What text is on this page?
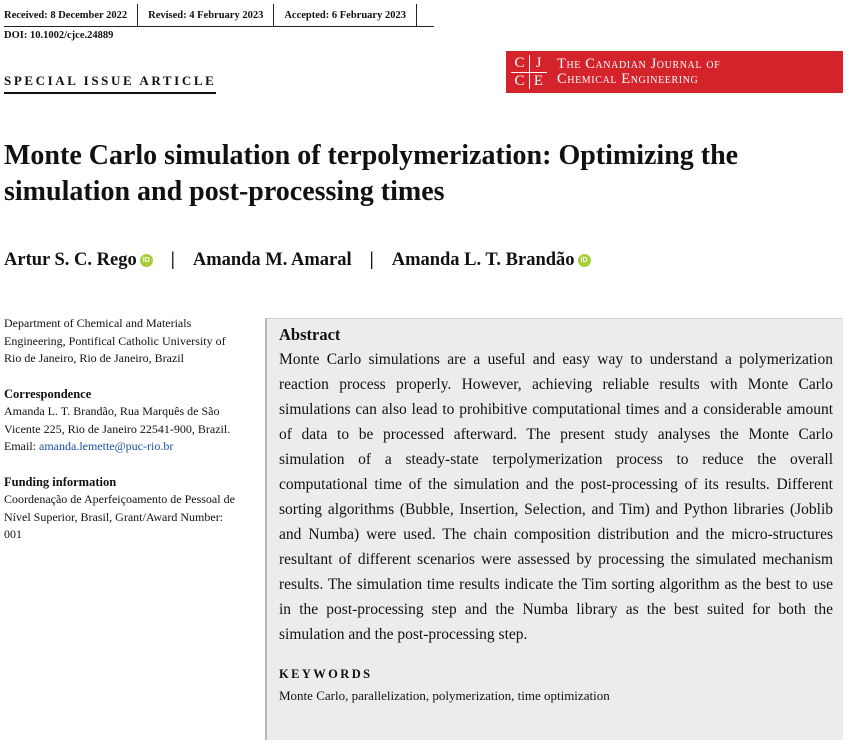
Received: 8 December 2022	Revised: 4 February 2023	Accepted: 6 February 2023
DOI: 10.1002/cjce.24889
SPECIAL ISSUE ARTICLE
C J
C E
The Canadian Journal of
Chemical Engineering
Monte Carlo simulation of terpolymerization: Optimizing the simulation and post-processing times
Artur S. C. Rego iD | Amanda M. Amaral | Amanda L. T. Brandão iD
Department of Chemical and Materials Engineering, Pontifical Catholic University of Rio de Janeiro, Rio de Janeiro, Brazil
Correspondence
Amanda L. T. Brandão, Rua Marquês de São Vicente 225, Rio de Janeiro 22541-900, Brazil.
Email: amanda.lemette@puc-rio.br
Funding information
Coordenação de Aperfeiçoamento de Pessoal de Nível Superior, Brasil, Grant/Award Number: 001
Abstract
Monte Carlo simulations are a useful and easy way to understand a polymerization reaction process properly. However, achieving reliable results with Monte Carlo simulations can also lead to prohibitive computational times and a considerable amount of data to be processed afterward. The present study analyses the Monte Carlo simulation of a steady-state terpolymerization process to reduce the overall computational time of the simulation and the post-processing of its results. Different sorting algorithms (Bubble, Insertion, Selection, and Tim) and Python libraries (Joblib and Numba) were used. The chain composition distribution and the micro-structures resultant of different scenarios were assessed by processing the simulated mechanism results. The simulation time results indicate the Tim sorting algorithm as the best to use in the post-processing step and the Numba library as the best suited for both the simulation and the post-processing step.
KEYWORDS
Monte Carlo, parallelization, polymerization, time optimization
